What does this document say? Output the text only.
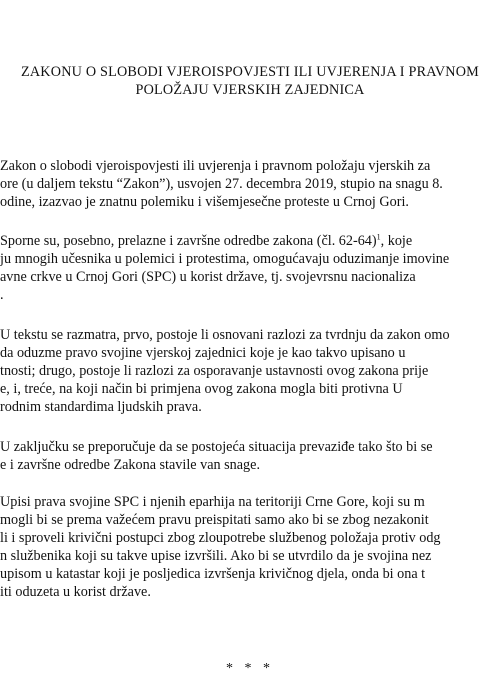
ZAKONU O SLOBODI VJEROISPOVJESTI ILI UVJERENJA I PRAVNOM
POLOŽAJU VJERSKIH ZAJEDNICA
Zakon o slobodi vjeroispovjesti ili uvjerenja i pravnom položaju vjerskih za
ore (u daljem tekstu “Zakon”), usvojen 27. decembra 2019, stupio na snagu 8.
odine, izazvao je znatnu polemiku i višemjesečne proteste u Crnoj Gori.
Sporne su, posebno, prelazne i završne odredbe zakona (čl. 62-64)$^1$, koje
ju mnogih učesnika u polemici i protestima, omogućavaju oduzimanje imovine
avne crkve u Crnoj Gori (SPC) u korist države, tj. svojevrsnu nacionaliza
.
U tekstu se razmatra, prvo, postoje li osnovani razlozi za tvrdnju da zakon omo
da oduzme pravo svojine vjerskoj zajednici koje je kao takvo upisano u
tnosti; drugo, postoje li razlozi za osporavanje ustavnosti ovog zakona prije
e, i, treće, na koji način bi primjena ovog zakona mogla biti protivna U
rodnim standardima ljudskih prava.
U zaključku se preporučuje da se postojeća situacija prevaziđe tako što bi se
e i završne odredbe Zakona stavile van snage.
Upisi prava svojine SPC i njenih eparhija na teritoriji Crne Gore, koji su m
mogli bi se prema važećem pravu preispitati samo ako bi se zbog nezakonit
li i sproveli krivični postupci zbog zloupotrebe službenog položaja protiv odg
n službenika koji su takve upise izvršili. Ako bi se utvrdilo da je svojina nez
upisom u katastar koji je posljedica izvršenja krivičnog djela, onda bi ona t
iti oduzeta u korist države.
* * *
